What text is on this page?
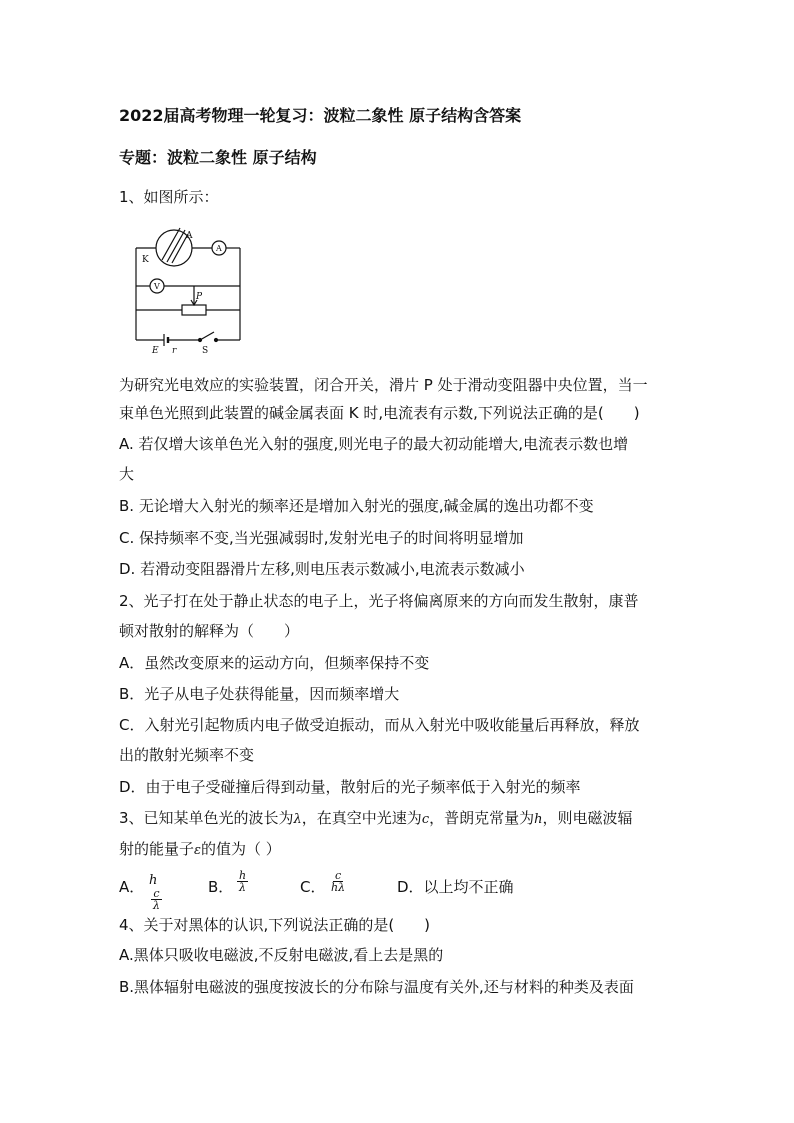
2022届高考物理一轮复习：波粒二象性 原子结构含答案
专题：波粒二象性 原子结构
1、如图所示：
A
K
A
V
P
E r	S
为研究光电效应的实验装置，闭合开关，滑片 P 处于滑动变阻器中央位置，当一
束单色光照到此装置的碱金属表面 K 时,电流表有示数,下列说法正确的是(　　)
A. 若仅增大该单色光入射的强度,则光电子的最大初动能增大,电流表示数也增
大
B. 无论增大入射光的频率还是增加入射光的强度,碱金属的逸出功都不变
C. 保持频率不变,当光强减弱时,发射光电子的时间将明显增加
D. 若滑动变阻器滑片左移,则电压表示数减小,电流表示数减小
2、光子打在处于静止状态的电子上，光子将偏离原来的方向而发生散射，康普
顿对散射的解释为（　　）
A．虽然改变原来的运动方向，但频率保持不变
B．光子从电子处获得能量，因而频率增大
C．入射光引起物质内电子做受迫振动，而从入射光中吸收能量后再释放，释放
出的散射光频率不变
D．由于电子受碰撞后得到动量，散射后的光子频率低于入射光的频率
3、已知某单色光的波长为λ，在真空中光速为c，普朗克常量为h，则电磁波辐
射的能量子ε的值为（ ）
A． h
$\frac{c}{\lambda}$
B． $\frac{h}{\lambda}$	C． $\frac{c}{h\lambda}$	D．以上均不正确
4、关于对黑体的认识,下列说法正确的是(　　)
A.黑体只吸收电磁波,不反射电磁波,看上去是黑的
B.黑体辐射电磁波的强度按波长的分布除与温度有关外,还与材料的种类及表面
